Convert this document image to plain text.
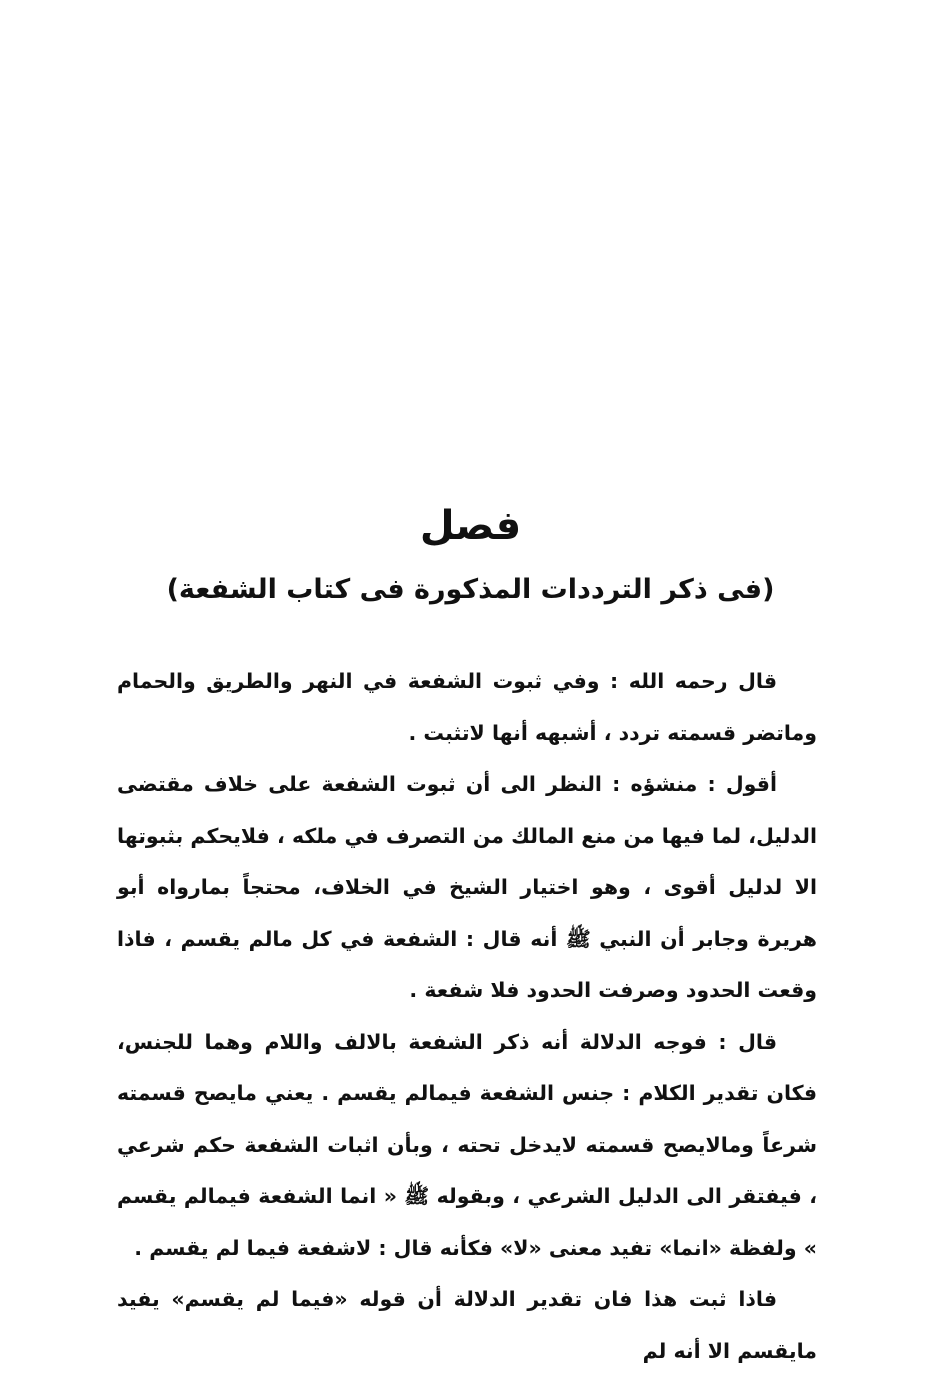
فصل
(فى ذكر الترددات المذكورة فى كتاب الشفعة)

قال رحمه الله : وفي ثبوت الشفعة في النهر والطريق والحمام وماتضر قسمته تردد ، أشبهه أنها لاتثبت .

أقول : منشؤه : النظر الى أن ثبوت الشفعة على خلاف مقتضى الدليل، لما فيها من منع المالك من التصرف في ملكه ، فلايحكم بثبوتها الا لدليل أقوى ، وهو اختيار الشيخ في الخلاف، محتجاً بمارواه أبو هريرة وجابر أن النبي ﷺ أنه قال : الشفعة في كل مالم يقسم ، فاذا وقعت الحدود وصرفت الحدود فلا شفعة .

قال : فوجه الدلالة أنه ذكر الشفعة بالالف واللام وهما للجنس، فكان تقدير الكلام : جنس الشفعة فيمالم يقسم . يعني مايصح قسمته شرعاً ومالايصح قسمته لايدخل تحته ، وبأن اثبات الشفعة حكم شرعي ، فيفتقر الى الدليل الشرعي ، وبقوله ﷺ « انما الشفعة فيمالم يقسم » ولفظة «انما» تفيد معنى «لا» فكأنه قال : لاشفعة فيما لم يقسم .

فاذا ثبت هذا فان تقدير الدلالة أن قوله «فيما لم يقسم» يفيد مايقسم الا أنه لم
